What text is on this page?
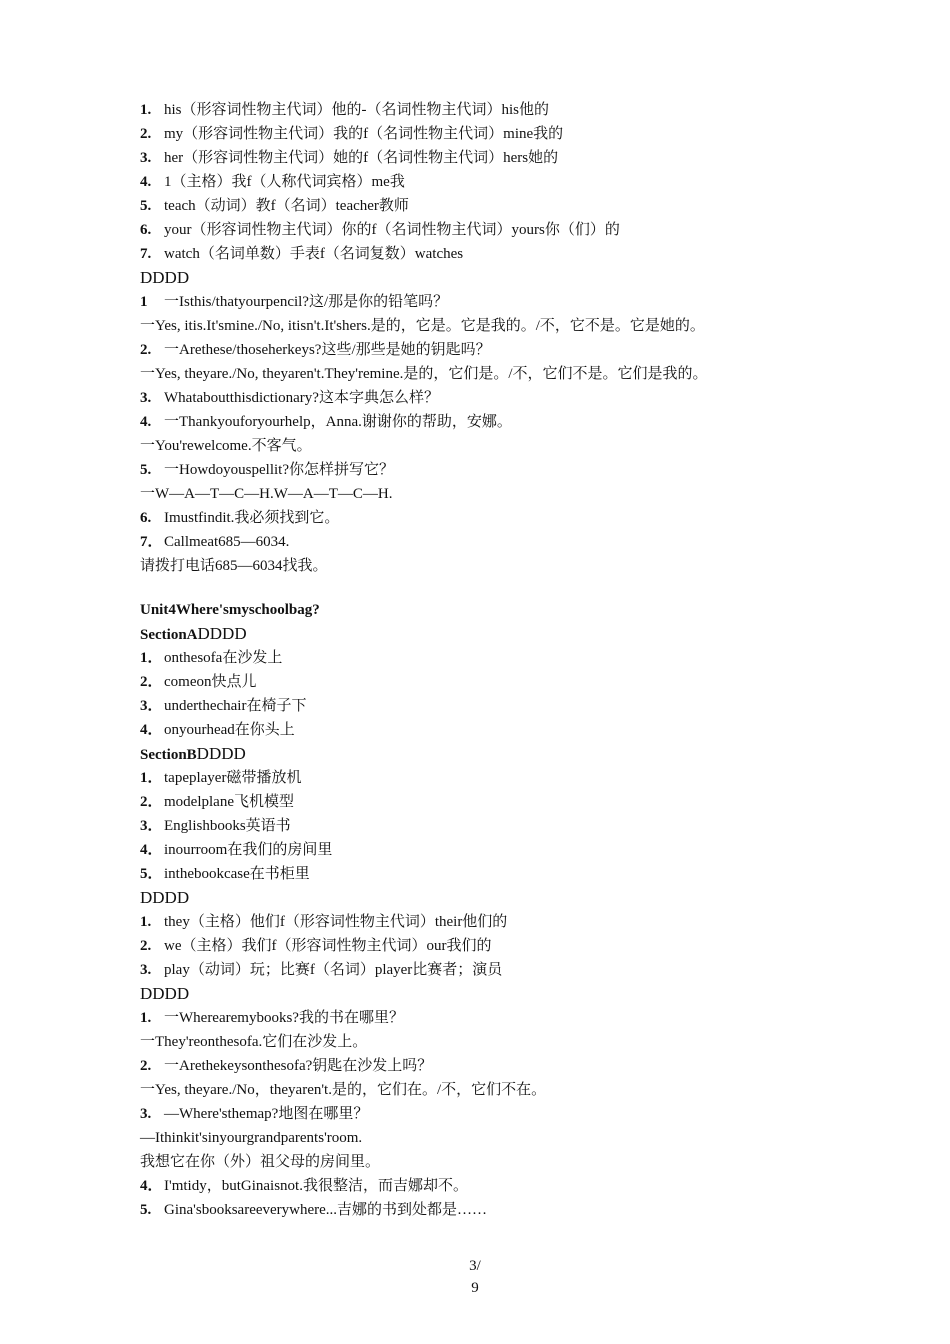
1. his（形容词性物主代词）他的-（名词性物主代词）his他的
2. my（形容词性物主代词）我的f（名词性物主代词）mine我的
3. her（形容词性物主代词）她的f（名词性物主代词）hers她的
4. 1（主格）我f（人称代词宾格）me我
5. teach（动词）教f（名词）teacher教师
6. your（形容词性物主代词）你的f（名词性物主代词）yours你（们）的
7. watch（名词单数）手表f（名词复数）watches
DDDD
1 一Isthis/thatyourpencil?这/那是你的铅笔吗？
一Yes, itis.It'smine./No, itisn't.It'shers.是的，它是。它是我的。/不，它不是。它是她的。
2. 一Arethese/thoseherkeys?这些/那些是她的钥匙吗？
一Yes, theyare./No, theyaren't.They'remine.是的，它们是。/不，它们不是。它们是我的。
3. Whataboutthisdictionary?这本字典怎么样？
4. 一Thankyouforyourhelp，Anna.谢谢你的帮助，安娜。
一You'rewelcome.不客气。
5. 一Howdoyouspellit?你怎样拼写它？
一W—A—T—C—H.W—A—T—C—H.
6. Imustfindit.我必须找到它。
7．Callmeat685—6034.
请拨打电话685—6034找我。
Unit4Where'smyschoolbag?
SectionADDDD
1．onthesofa在沙发上
2．comeon快点儿
3．underthechair在椅子下
4．onyourhead在你头上
SectionBDDDD
1．tapeplayer磁带播放机
2．modelplane飞机模型
3．Englishbooks英语书
4．inourroom在我们的房间里
5．inthebookcase在书柜里
DDDD
1. they（主格）他们f（形容词性物主代词）their他们的
2. we（主格）我们f（形容词性物主代词）our我们的
3. play（动词）玩；比赛f（名词）player比赛者；演员
DDDD
1. 一Wherearemybooks?我的书在哪里？
一They'reonthesofa.它们在沙发上。
2. 一Arethekeysonthesofa?钥匙在沙发上吗？
一Yes, theyare./No，theyaren't.是的，它们在。/不，它们不在。
3. —Where'sthemap?地图在哪里？
—Ithinkit'sinyourgrandparents'room.
我想它在你（外）祖父母的房间里。
4．I'mtidy，butGinaisnot.我很整洁，而吉娜却不。
5. Gina'sbooksareeverywhere...吉娜的书到处都是……
3/
9
